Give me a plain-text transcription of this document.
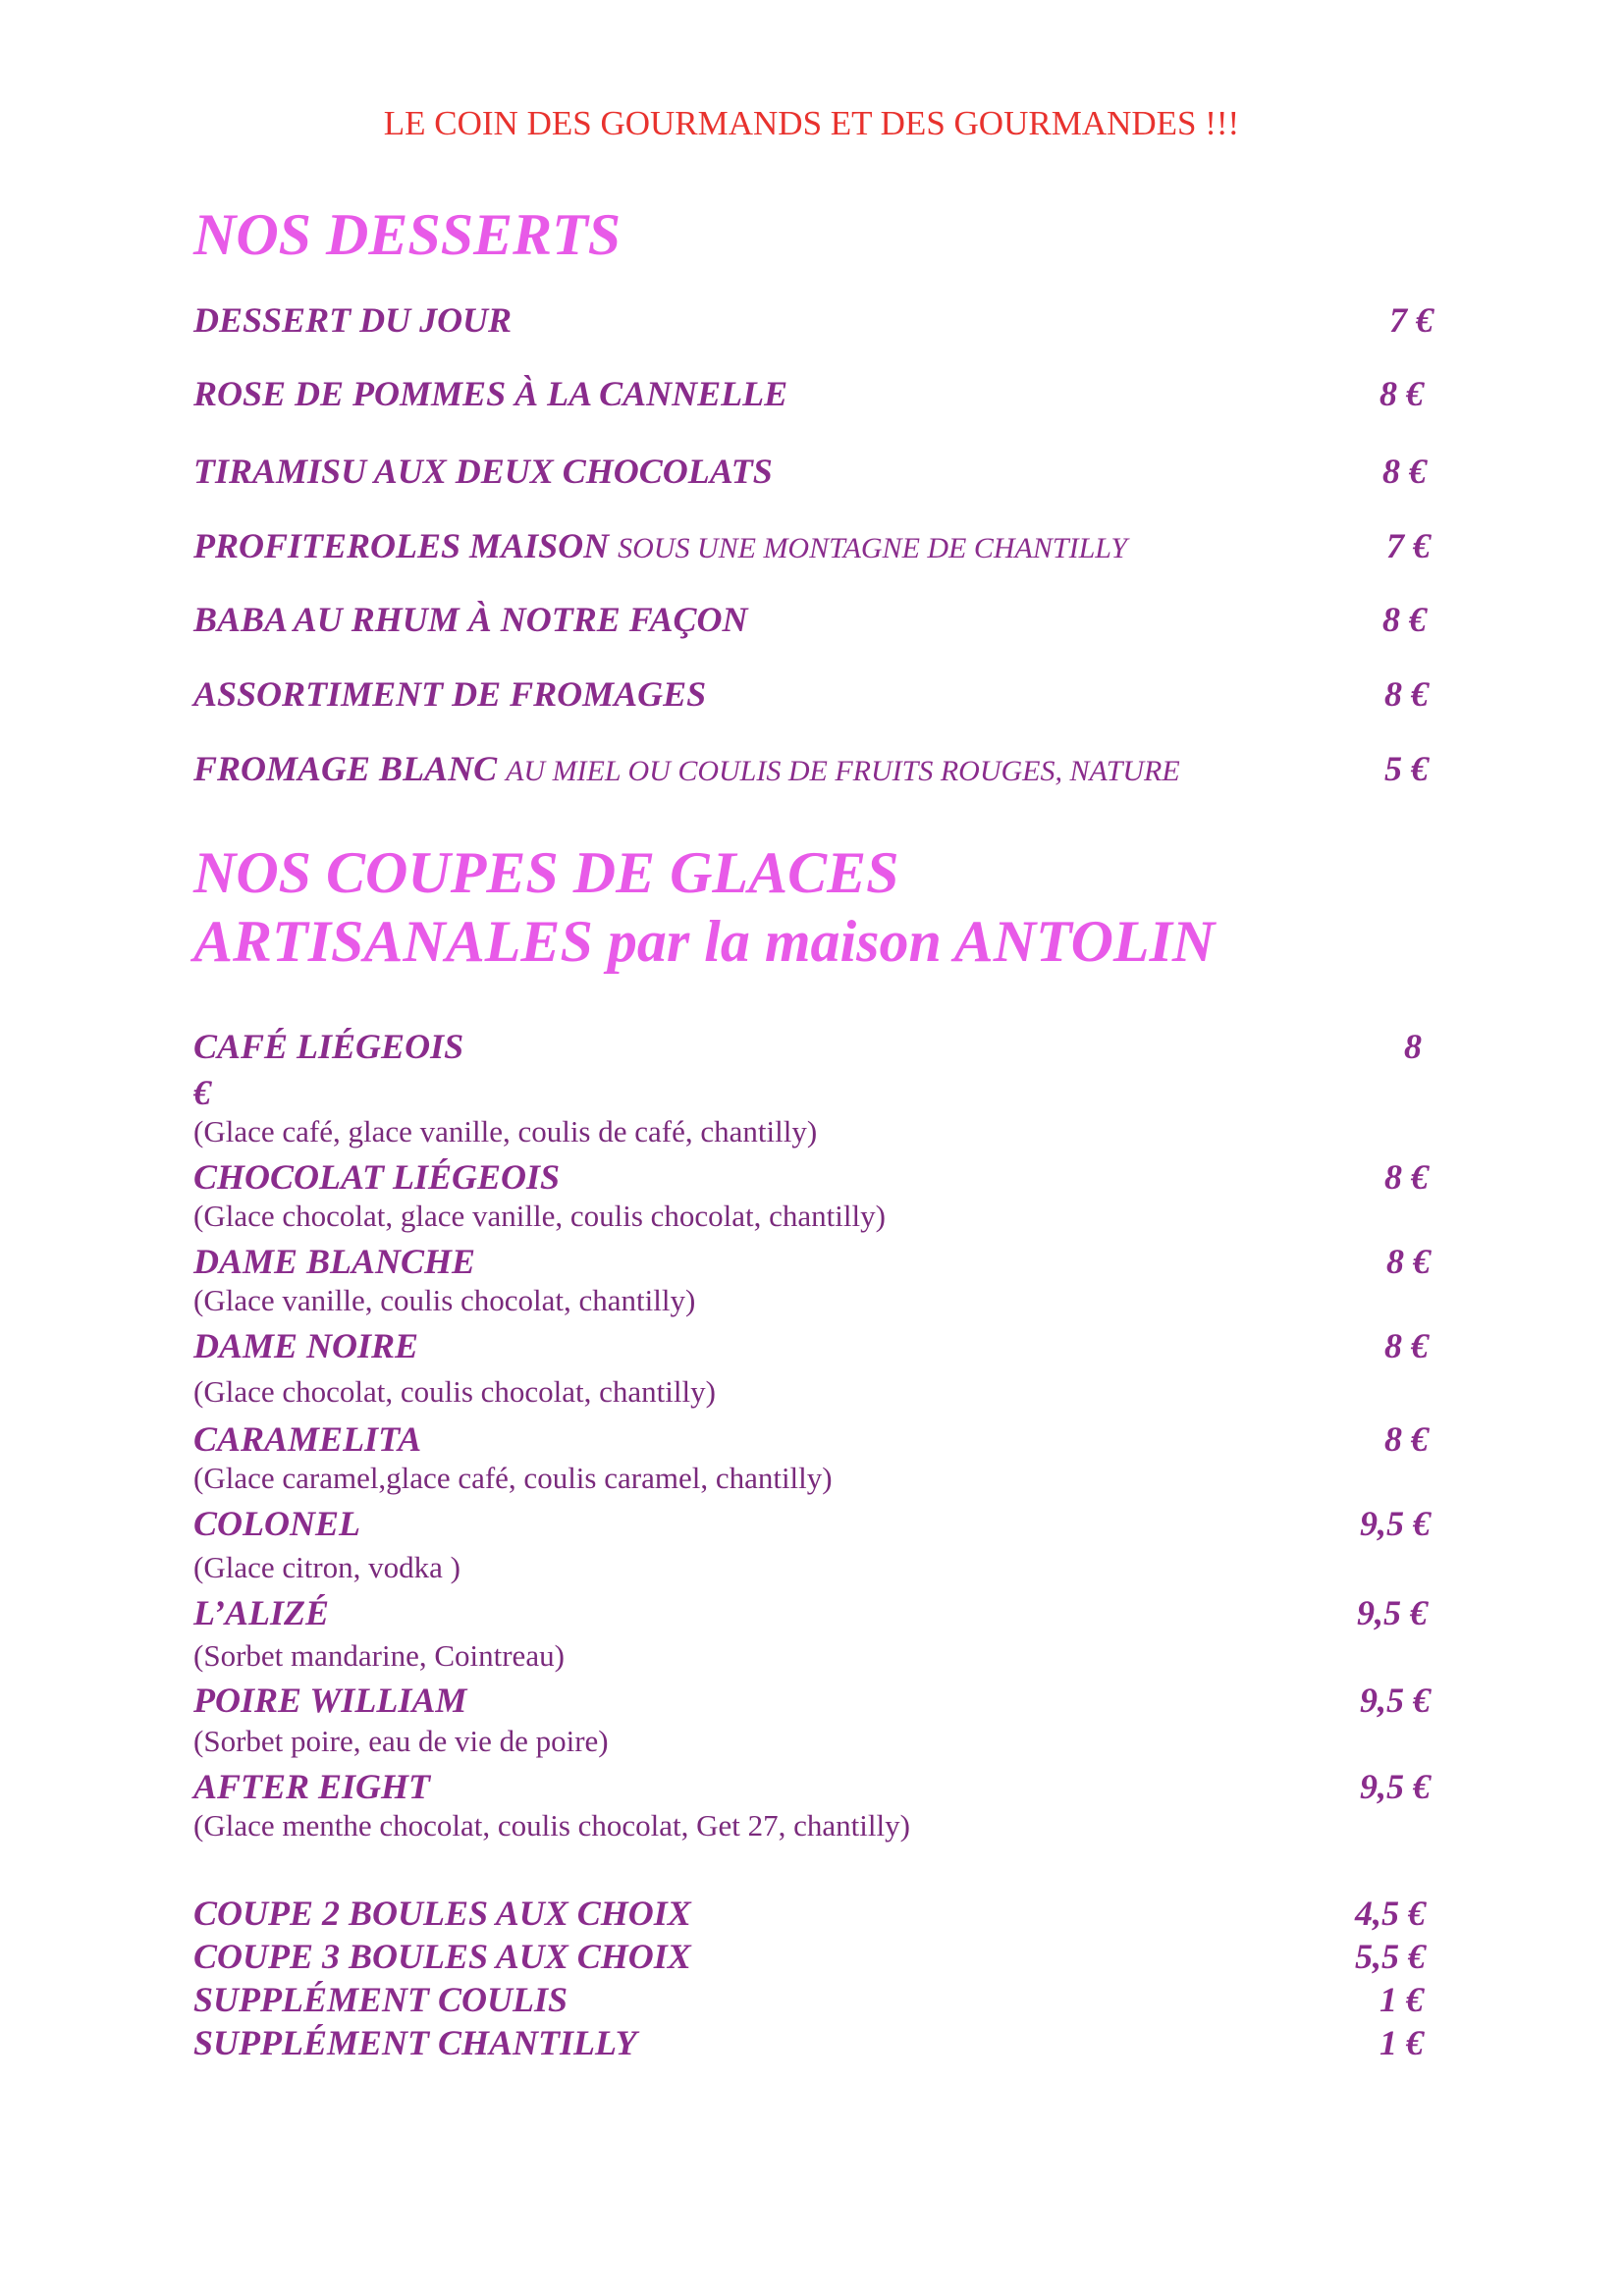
LE COIN DES GOURMANDS ET DES GOURMANDES !!!
NOS DESSERTS
DESSERT DU JOUR	7 €
ROSE DE POMMES À LA CANNELLE	8 €
TIRAMISU AUX DEUX CHOCOLATS	8 €
PROFITEROLES MAISON SOUS UNE MONTAGNE DE CHANTILLY	7 €
BABA AU RHUM À NOTRE FAÇON	8 €
ASSORTIMENT DE FROMAGES	8 €
FROMAGE BLANC AU MIEL OU COULIS DE FRUITS ROUGES, NATURE	5 €
NOS COUPES DE GLACES
ARTISANALES par la maison ANTOLIN
CAFÉ LIÉGEOIS	8
€
(Glace café, glace vanille, coulis de café, chantilly)
CHOCOLAT LIÉGEOIS	8 €
(Glace chocolat, glace vanille, coulis chocolat, chantilly)
DAME BLANCHE	8 €
(Glace vanille, coulis chocolat, chantilly)
DAME NOIRE	8 €
(Glace chocolat, coulis chocolat, chantilly)
CARAMELITA	8 €
(Glace caramel,glace café, coulis caramel, chantilly)
COLONEL	9,5 €
(Glace citron, vodka )
L’ALIZÉ	9,5 €
(Sorbet mandarine, Cointreau)
POIRE WILLIAM	9,5 €
(Sorbet poire, eau de vie de poire)
AFTER EIGHT	9,5 €
(Glace menthe chocolat, coulis chocolat, Get 27, chantilly)
COUPE 2 BOULES AUX CHOIX	4,5 €
COUPE 3 BOULES AUX CHOIX	5,5 €
SUPPLÉMENT COULIS	1 €
SUPPLÉMENT CHANTILLY	1 €
